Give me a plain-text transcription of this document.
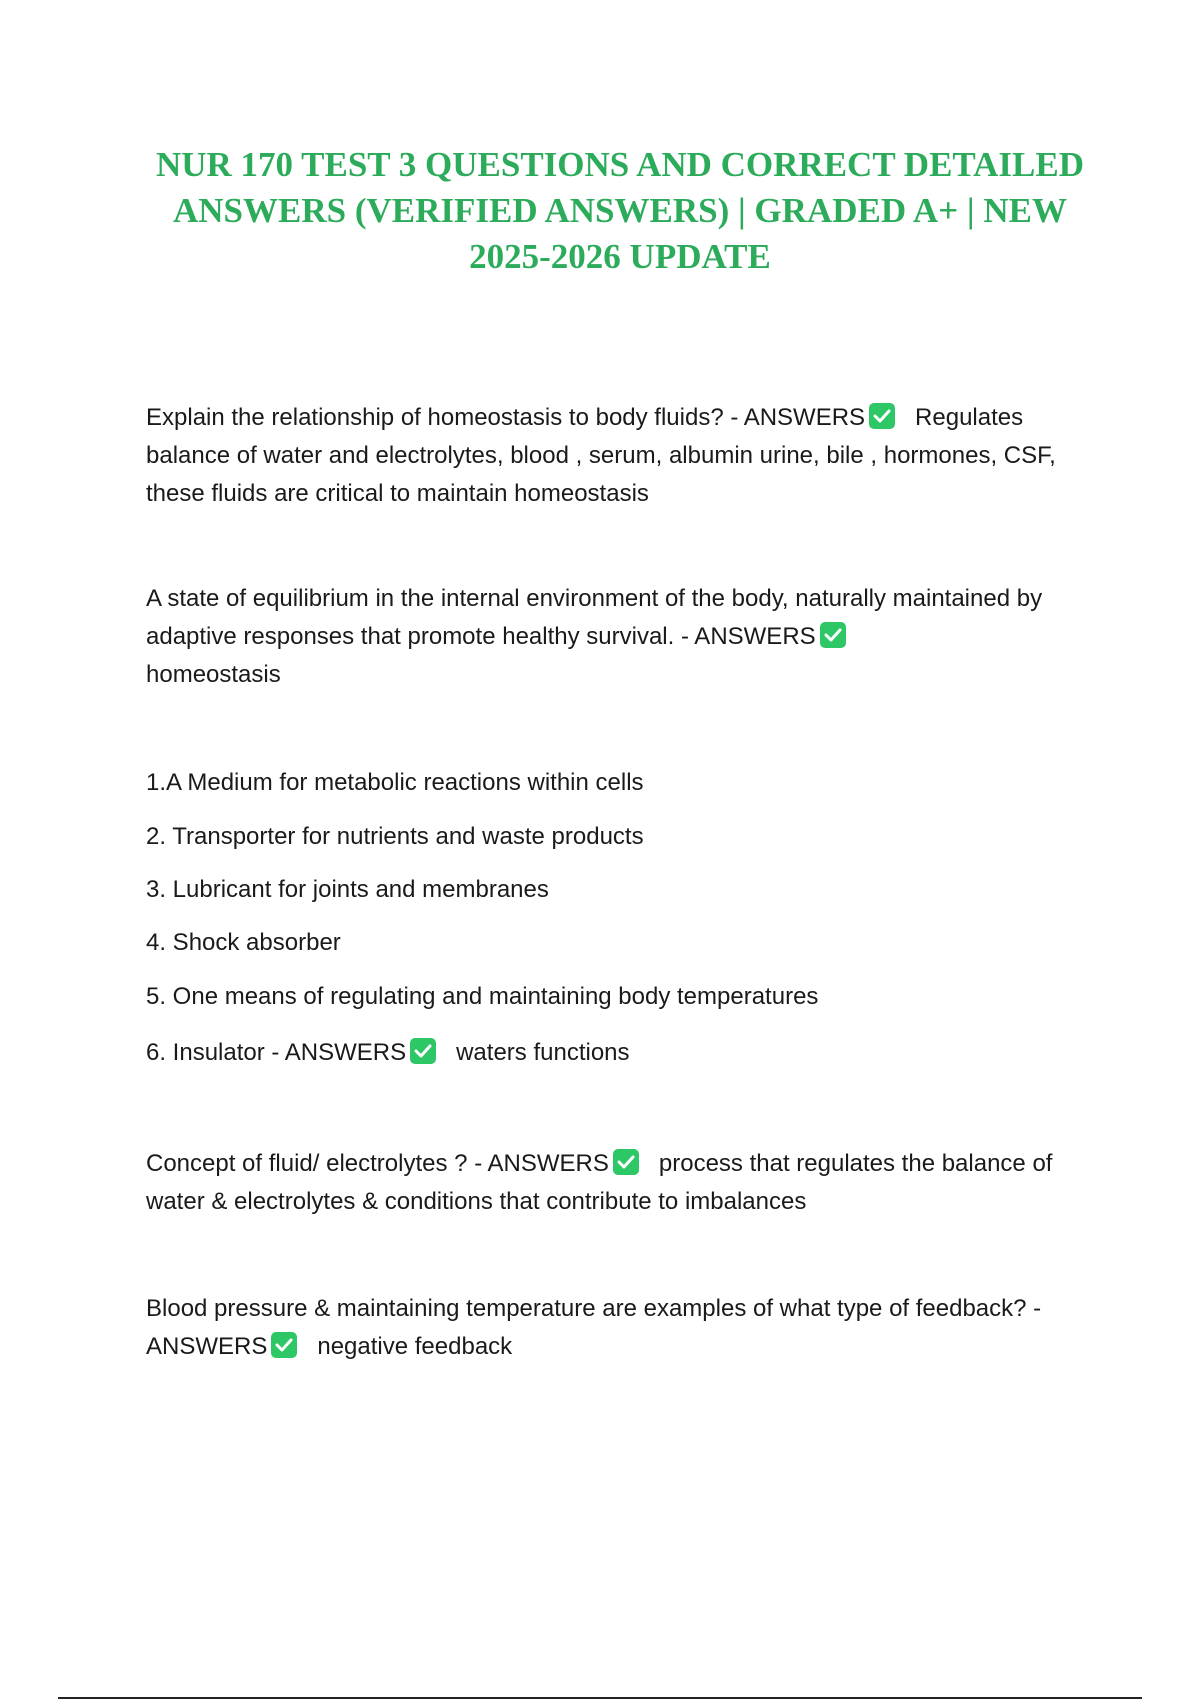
NUR 170 TEST 3 QUESTIONS AND CORRECT DETAILED ANSWERS (VERIFIED ANSWERS) | GRADED A+ | NEW 2025-2026 UPDATE

Explain the relationship of homeostasis to body fluids? - ANSWERS Regulates balance of water and electrolytes, blood , serum, albumin urine, bile , hormones, CSF, these fluids are critical to maintain homeostasis

A state of equilibrium in the internal environment of the body, naturally maintained by adaptive responses that promote healthy survival. - ANSWERS

homeostasis

1.A Medium for metabolic reactions within cells

2. Transporter for nutrients and waste products

3. Lubricant for joints and membranes

4. Shock absorber

5. One means of regulating and maintaining body temperatures

6. Insulator - ANSWERS waters functions

Concept of fluid/ electrolytes ? - ANSWERS process that regulates the balance of water & electrolytes & conditions that contribute to imbalances

Blood pressure & maintaining temperature are examples of what type of feedback? - ANSWERS negative feedback
